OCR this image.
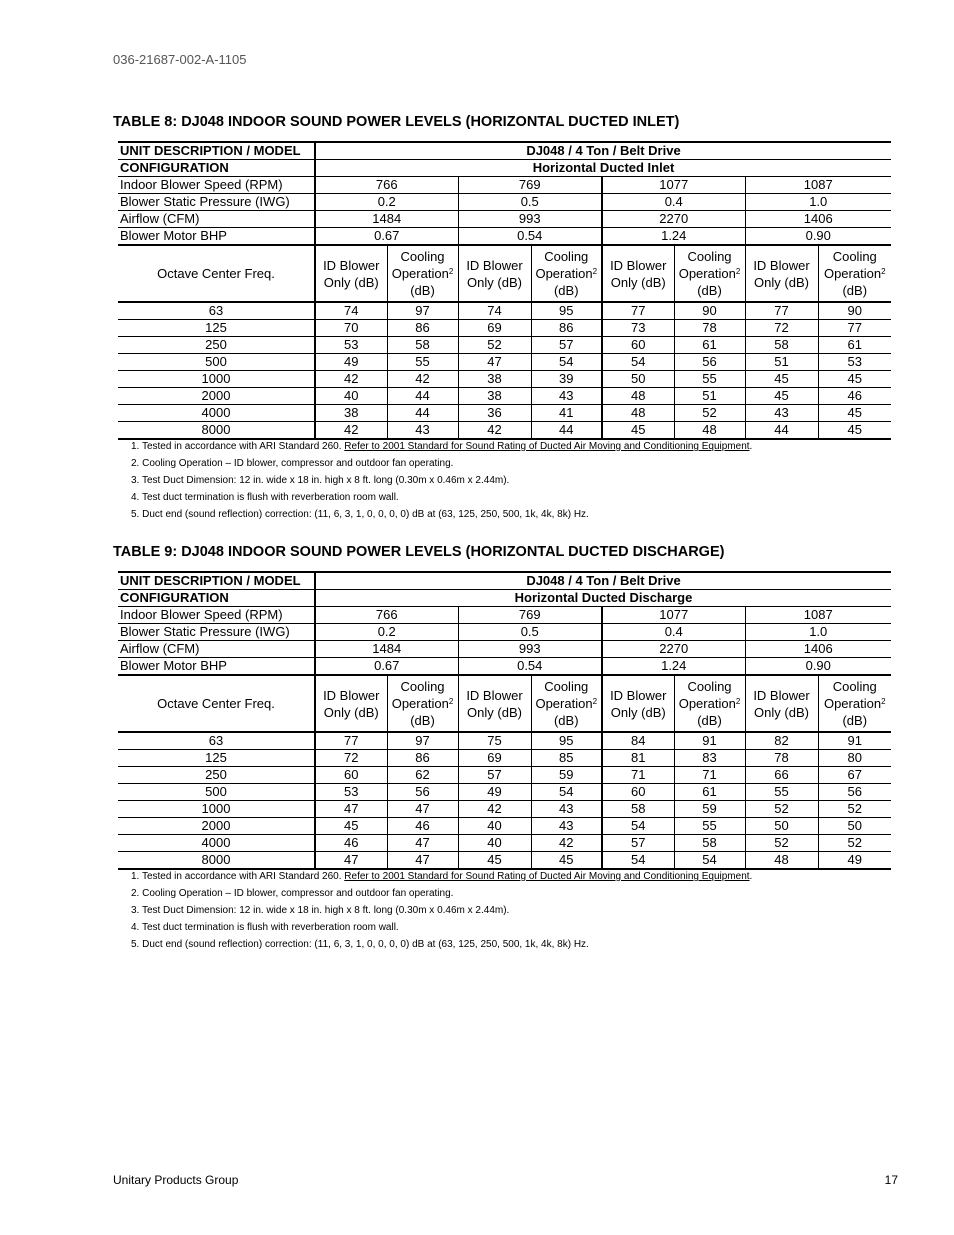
036-21687-002-A-1105
TABLE 8: DJ048 INDOOR SOUND POWER LEVELS (HORIZONTAL DUCTED INLET)
UNIT DESCRIPTION / MODEL	DJ048 / 4 Ton / Belt Drive							
CONFIGURATION	Horizontal Ducted Inlet							
Indoor Blower Speed (RPM)	766		769		1077		1087	
Blower Static Pressure (IWG)	0.2		0.5		0.4		1.0	
Airflow (CFM)	1484		993		2270		1406	
Blower Motor BHP	0.67		0.54		1.24		0.90	
Octave Center Freq.	ID Blower
Only (dB)	Cooling
Operation$^2$
(dB)	ID Blower
Only (dB)	Cooling
Operation$^2$
(dB)	ID Blower
Only (dB)	Cooling
Operation$^2$
(dB)	ID Blower
Only (dB)	Cooling
Operation$^2$
(dB)
63	74	97	74	95	77	90	77	90
125	70	86	69	86	73	78	72	77
250	53	58	52	57	60	61	58	61
500	49	55	47	54	54	56	51	53
1000	42	42	38	39	50	55	45	45
2000	40	44	38	43	48	51	45	46
4000	38	44	36	41	48	52	43	45
8000	42	43	42	44	45	48	44	45
1. Tested in accordance with ARI Standard 260. Refer to 2001 Standard for Sound Rating of Ducted Air Moving and Conditioning Equipment.
2. Cooling Operation – ID blower, compressor and outdoor fan operating.
3. Test Duct Dimension: 12 in. wide x 18 in. high x 8 ft. long (0.30m x 0.46m x 2.44m).
4. Test duct termination is flush with reverberation room wall.
5. Duct end (sound reflection) correction: (11, 6, 3, 1, 0, 0, 0, 0) dB at (63, 125, 250, 500, 1k, 4k, 8k) Hz.
TABLE 9: DJ048 INDOOR SOUND POWER LEVELS (HORIZONTAL DUCTED DISCHARGE)
UNIT DESCRIPTION / MODEL	DJ048 / 4 Ton / Belt Drive							
CONFIGURATION	Horizontal Ducted Discharge							
Indoor Blower Speed (RPM)	766		769		1077		1087	
Blower Static Pressure (IWG)	0.2		0.5		0.4		1.0	
Airflow (CFM)	1484		993		2270		1406	
Blower Motor BHP	0.67		0.54		1.24		0.90	
Octave Center Freq.	ID Blower
Only (dB)	Cooling
Operation$^2$
(dB)	ID Blower
Only (dB)	Cooling
Operation$^2$
(dB)	ID Blower
Only (dB)	Cooling
Operation$^2$
(dB)	ID Blower
Only (dB)	Cooling
Operation$^2$
(dB)
63	77	97	75	95	84	91	82	91
125	72	86	69	85	81	83	78	80
250	60	62	57	59	71	71	66	67
500	53	56	49	54	60	61	55	56
1000	47	47	42	43	58	59	52	52
2000	45	46	40	43	54	55	50	50
4000	46	47	40	42	57	58	52	52
8000	47	47	45	45	54	54	48	49
1. Tested in accordance with ARI Standard 260. Refer to 2001 Standard for Sound Rating of Ducted Air Moving and Conditioning Equipment.
2. Cooling Operation – ID blower, compressor and outdoor fan operating.
3. Test Duct Dimension: 12 in. wide x 18 in. high x 8 ft. long (0.30m x 0.46m x 2.44m).
4. Test duct termination is flush with reverberation room wall.
5. Duct end (sound reflection) correction: (11, 6, 3, 1, 0, 0, 0, 0) dB at (63, 125, 250, 500, 1k, 4k, 8k) Hz.
Unitary Products Group	17
